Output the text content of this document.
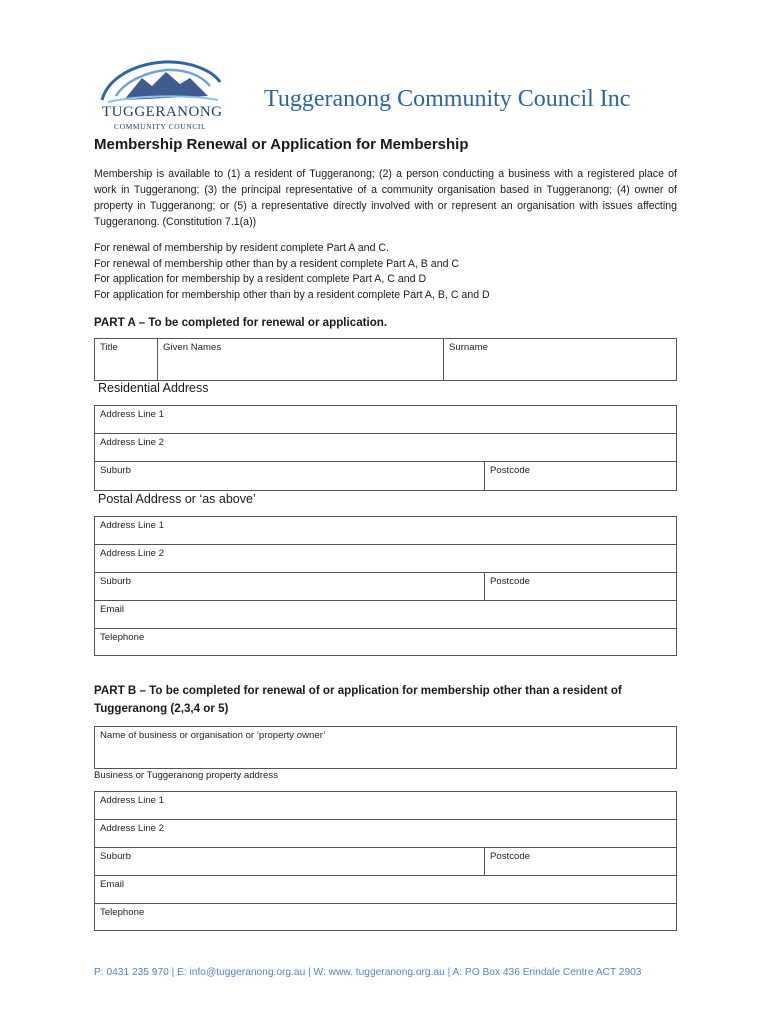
TUGGERANONG
COMMUNITY COUNCIL
Tuggeranong Community Council Inc
Membership Renewal or Application for Membership
Membership is available to (1) a resident of Tuggeranong; (2) a person conducting a business with a registered place of work in Tuggeranong; (3) the principal representative of a community organisation based in Tuggeranong; (4) owner of property in Tuggeranong; or (5) a representative directly involved with or represent an organisation with issues affecting Tuggeranong. (Constitution 7.1(a))
For renewal of membership by resident complete Part A and C.
For renewal of membership other than by a resident complete Part A, B and C
For application for membership by a resident complete Part A, C and D
For application for membership other than by a resident complete Part A, B, C and D
PART A – To be completed for renewal or application.
Title	Given Names	Surname
Residential Address
Address Line 1
Address Line 2
Suburb	Postcode
Postal Address or ‘as above’
Address Line 1
Address Line 2
Suburb	Postcode
Email
Telephone
PART B – To be completed for renewal of or application for membership other than a resident of
Tuggeranong (2,3,4 or 5)
Name of business or organisation or ‘property owner’
Business or Tuggeranong property address
Address Line 1
Address Line 2
Suburb	Postcode
Email
Telephone
P: 0431 235 970 | E: info@tuggeranong.org.au | W: www. tuggeranong.org.au | A: PO Box 436 Erindale Centre ACT 2903
